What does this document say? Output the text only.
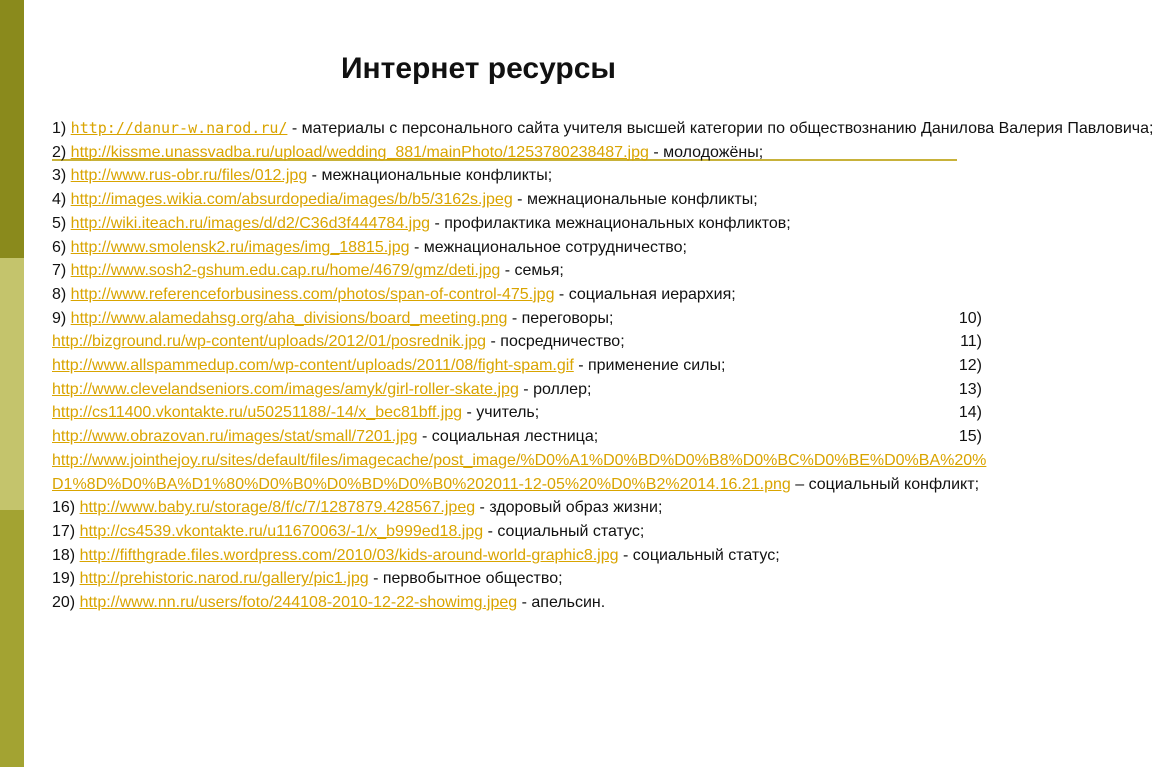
Интернет ресурсы
1) http://danur-w.narod.ru/ - материалы с персонального сайта учителя высшей категории по обществознанию Данилова Валерия Павловича;
2) http://kissme.unassvadba.ru/upload/wedding_881/mainPhoto/1253780238487.jpg - молодожёны;
3) http://www.rus-obr.ru/files/012.jpg - межнациональные конфликты;
4) http://images.wikia.com/absurdopedia/images/b/b5/3162s.jpeg - межнациональные конфликты;
5) http://wiki.iteach.ru/images/d/d2/C36d3f444784.jpg - профилактика межнациональных конфликтов;
6) http://www.smolensk2.ru/images/img_18815.jpg - межнациональное сотрудничество;
7) http://www.sosh2-gshum.edu.cap.ru/home/4679/gmz/deti.jpg - семья;
8) http://www.referenceforbusiness.com/photos/span-of-control-475.jpg - социальная иерархия;
9) http://www.alamedahsg.org/aha_divisions/board_meeting.png - переговоры;	10)
http://bizground.ru/wp-content/uploads/2012/01/posrednik.jpg - посредничество;	11)
http://www.allspammedup.com/wp-content/uploads/2011/08/fight-spam.gif - применение силы;	12)
http://www.clevelandseniors.com/images/amyk/girl-roller-skate.jpg - роллер;	13)
http://cs11400.vkontakte.ru/u50251188/-14/x_bec81bff.jpg - учитель;	14)
http://www.obrazovan.ru/images/stat/small/7201.jpg - социальная лестница;	15)
http://www.jointhejoy.ru/sites/default/files/imagecache/post_image/%D0%A1%D0%BD%D0%B8%D0%BC%D0%BE%D0%BA%20%D1%8D%D0%BA%D1%80%D0%B0%D0%BD%D0%B0%202011-12-05%20%D0%B2%2014.16.21.png – социальный конфликт;
16) http://www.baby.ru/storage/8/f/c/7/1287879.428567.jpeg - здоровый образ жизни;
17) http://cs4539.vkontakte.ru/u11670063/-1/x_b999ed18.jpg - социальный статус;
18) http://fifthgrade.files.wordpress.com/2010/03/kids-around-world-graphic8.jpg - социальный статус;
19) http://prehistoric.narod.ru/gallery/pic1.jpg - первобытное общество;
20) http://www.nn.ru/users/foto/244108-2010-12-22-showimg.jpeg - апельсин.
